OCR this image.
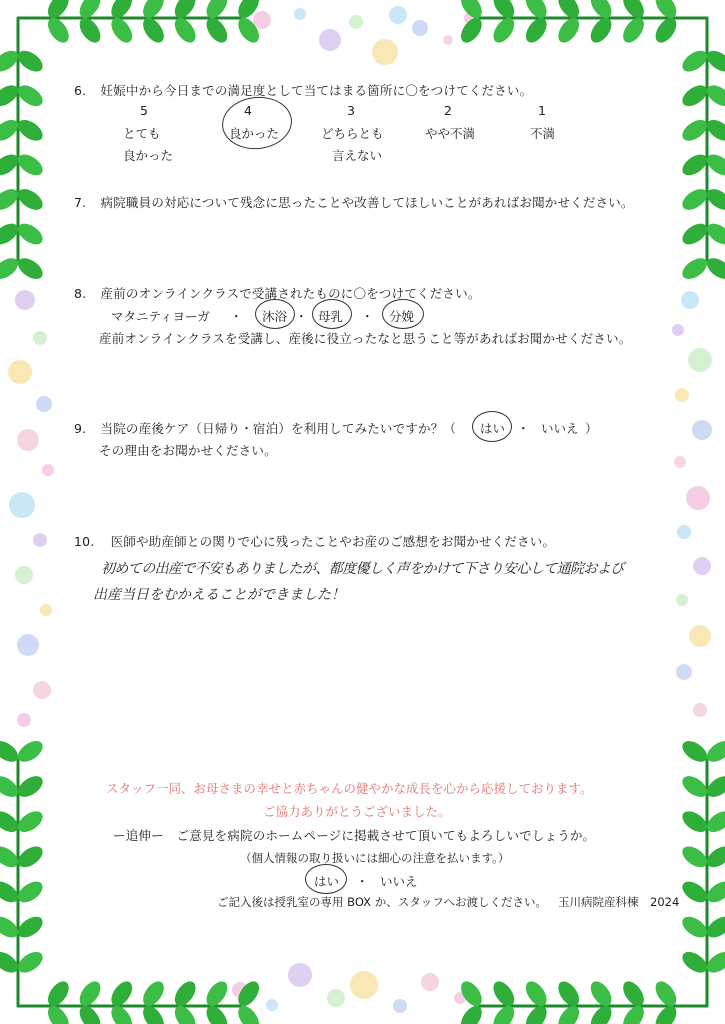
6. 妊娠中から今日までの満足度として当てはまる箇所に〇をつけてください。
5
とても
良かった
4
良かった
3
どちらとも
言えない
2
やや不満
1
不満
7. 病院職員の対応について残念に思ったことや改善してほしいことがあればお聞かせください。
8. 産前のオンラインクラスで受講されたものに〇をつけてください。
マタニティヨーガ ・ 沐浴 ・ 母乳 ・ 分娩
産前オンラインクラスを受講し、産後に役立ったなと思うこと等があればお聞かせください。
9. 当院の産後ケア（日帰り・宿泊）を利用してみたいですか？（ はい ・ いいえ ）
その理由をお聞かせください。
10. 医師や助産師との関りで心に残ったことやお産のご感想をお聞かせください。
初めての出産で不安もありましたが、都度優しく声をかけて下さり安心して通院および
出産当日をむかえることができました！
スタッフ一同、お母さまの幸せと赤ちゃんの健やかな成長を心から応援しております。
ご協力ありがとうございました。
ー追伸ー　ご意見を病院のホームページに掲載させて頂いてもよろしいでしょうか。
（個人情報の取り扱いには細心の注意を払います。）
はい ・ いいえ
ご記入後は授乳室の専用 BOX か、スタッフへお渡しください。 玉川病院産科棟　2024
